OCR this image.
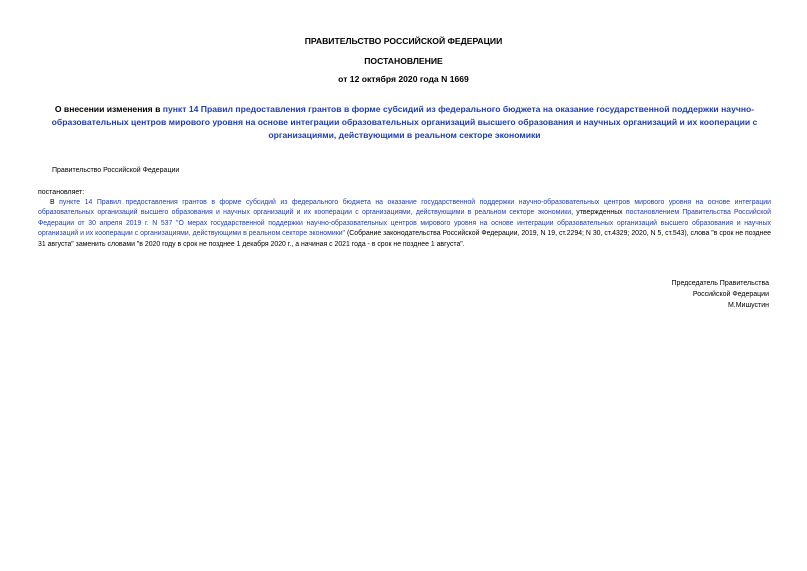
ПРАВИТЕЛЬСТВО РОССИЙСКОЙ ФЕДЕРАЦИИ
ПОСТАНОВЛЕНИЕ
от 12 октября 2020 года N 1669
О внесении изменения в пункт 14 Правил предоставления грантов в форме субсидий из федерального бюджета на оказание государственной поддержки научно-образовательных центров мирового уровня на основе интеграции образовательных организаций высшего образования и научных организаций и их кооперации с организациями, действующими в реальном секторе экономики
Правительство Российской Федерации
постановляет:
В пункте 14 Правил предоставления грантов в форме субсидий из федерального бюджета на оказание государственной поддержки научно-образовательных центров мирового уровня на основе интеграции образовательных организаций высшего образования и научных организаций и их кооперации с организациями, действующими в реальном секторе экономики, утвержденных постановлением Правительства Российской Федерации от 30 апреля 2019 г. N 537 "О мерах государственной поддержки научно-образовательных центров мирового уровня на основе интеграции образовательных организаций высшего образования и научных организаций и их кооперации с организациями, действующими в реальном секторе экономики" (Собрание законодательства Российской Федерации, 2019, N 19, ст.2294; N 30, ст.4329; 2020, N 5, ст.543), слова "в срок не позднее 31 августа" заменить словами "в 2020 году в срок не позднее 1 декабря 2020 г., а начиная с 2021 года - в срок не позднее 1 августа".
Председатель Правительства
Российской Федерации
М.Мишустин
